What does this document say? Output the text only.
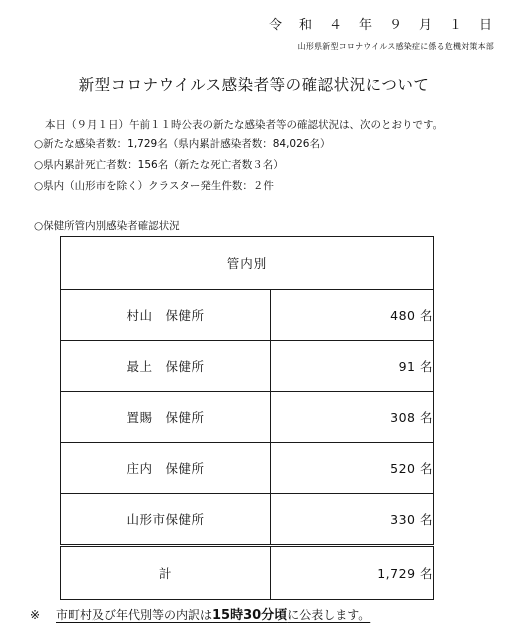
令　和　４　年　９　月　１　日
山形県新型コロナウイルス感染症に係る危機対策本部
新型コロナウイルス感染者等の確認状況について
本日（９月１日）午前１１時公表の新たな感染者等の確認状況は、次のとおりです。
○新たな感染者数：1,729名（県内累計感染者数：84,026名）
○県内累計死亡者数：156名（新たな死亡者数３名）
○県内（山形市を除く）クラスター発生件数：２件
○保健所管内別感染者確認状況
管内別	
村山　保健所	480 名
最上　保健所	91 名
置賜　保健所	308 名
庄内　保健所	520 名
山形市保健所	330 名
計	1,729 名
※ 市町村及び年代別等の内訳は15時30分頃に公表します。
